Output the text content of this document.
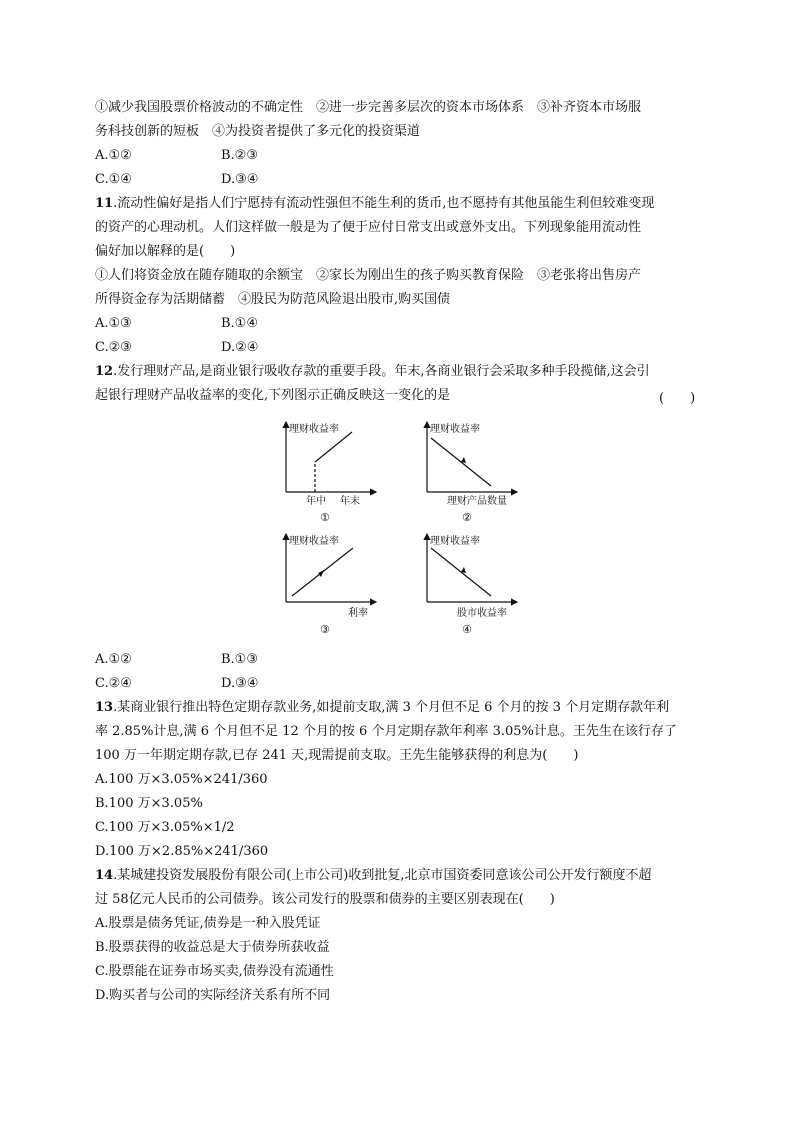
①减少我国股票价格波动的不确定性　②进一步完善多层次的资本市场体系　③补齐资本市场服
务科技创新的短板　④为投资者提供了多元化的投资渠道
A.①②	B.②③
C.①④	D.③④
11.流动性偏好是指人们宁愿持有流动性强但不能生利的货币,也不愿持有其他虽能生利但较难变现
的资产的心理动机。人们这样做一般是为了便于应付日常支出或意外支出。下列现象能用流动性
偏好加以解释的是(　　)
①人们将资金放在随存随取的余额宝　②家长为刚出生的孩子购买教育保险　③老张将出售房产
所得资金存为活期储蓄　④股民为防范风险退出股市,购买国债
A.①③	B.①④
C.②③	D.②④
12.发行理财产品,是商业银行吸收存款的重要手段。年末,各商业银行会采取多种手段揽储,这会引
起银行理财产品收益率的变化,下列图示正确反映这一变化的是	(　　)
理财收益率
年中 年末
①
理财收益率
理财产品数量
②
理财收益率
利率
③
理财收益率
股市收益率
④
A.①②	B.①③
C.②④	D.③④
13.某商业银行推出特色定期存款业务,如提前支取,满 3 个月但不足 6 个月的按 3 个月定期存款年利
率 2.85%计息,满 6 个月但不足 12 个月的按 6 个月定期存款年利率 3.05%计息。王先生在该行存了
100 万一年期定期存款,已存 241 天,现需提前支取。王先生能够获得的利息为(　　)
A.100 万×3.05%×241/360
B.100 万×3.05%
C.100 万×3.05%×1/2
D.100 万×2.85%×241/360
14.某城建投资发展股份有限公司(上市公司)收到批复,北京市国资委同意该公司公开发行额度不超
过 58亿元人民币的公司债券。该公司发行的股票和债券的主要区别表现在(　　)
A.股票是债务凭证,债券是一种入股凭证
B.股票获得的收益总是大于债券所获收益
C.股票能在证券市场买卖,债券没有流通性
D.购买者与公司的实际经济关系有所不同
